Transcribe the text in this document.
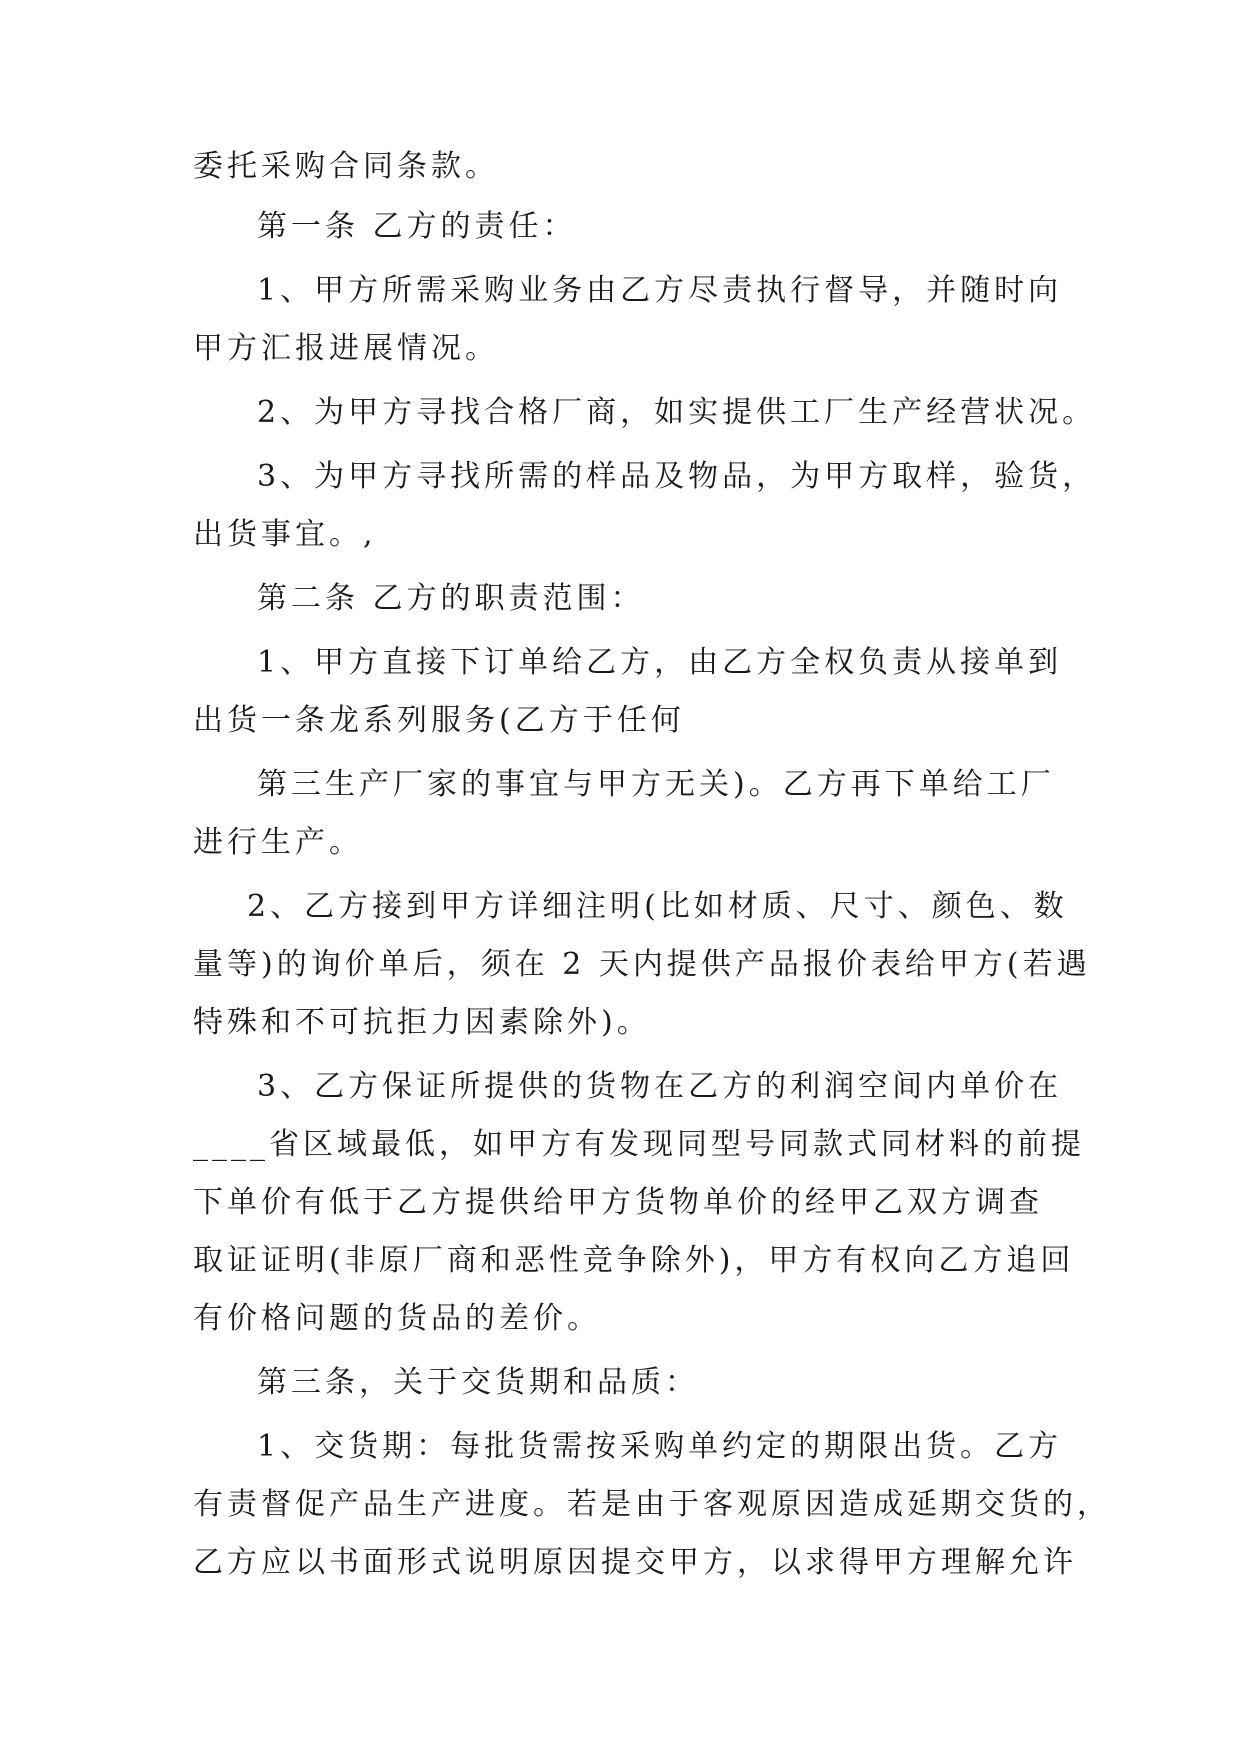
委托采购合同条款。

第一条 乙方的责任：

1、甲方所需采购业务由乙方尽责执行督导，并随时向

甲方汇报进展情况。

2、为甲方寻找合格厂商，如实提供工厂生产经营状况。

3、为甲方寻找所需的样品及物品，为甲方取样，验货，

出货事宜。,

第二条 乙方的职责范围：

1、甲方直接下订单给乙方，由乙方全权负责从接单到

出货一条龙系列服务(乙方于任何

第三生产厂家的事宜与甲方无关)。乙方再下单给工厂

进行生产。

2、乙方接到甲方详细注明(比如材质、尺寸、颜色、数

量等)的询价单后，须在 2 天内提供产品报价表给甲方(若遇

特殊和不可抗拒力因素除外)。

3、乙方保证所提供的货物在乙方的利润空间内单价在

____省区域最低，如甲方有发现同型号同款式同材料的前提

下单价有低于乙方提供给甲方货物单价的经甲乙双方调查

取证证明(非原厂商和恶性竞争除外)，甲方有权向乙方追回

有价格问题的货品的差价。

第三条，关于交货期和品质：

1、交货期：每批货需按采购单约定的期限出货。乙方

有责督促产品生产进度。若是由于客观原因造成延期交货的，

乙方应以书面形式说明原因提交甲方，以求得甲方理解允许
